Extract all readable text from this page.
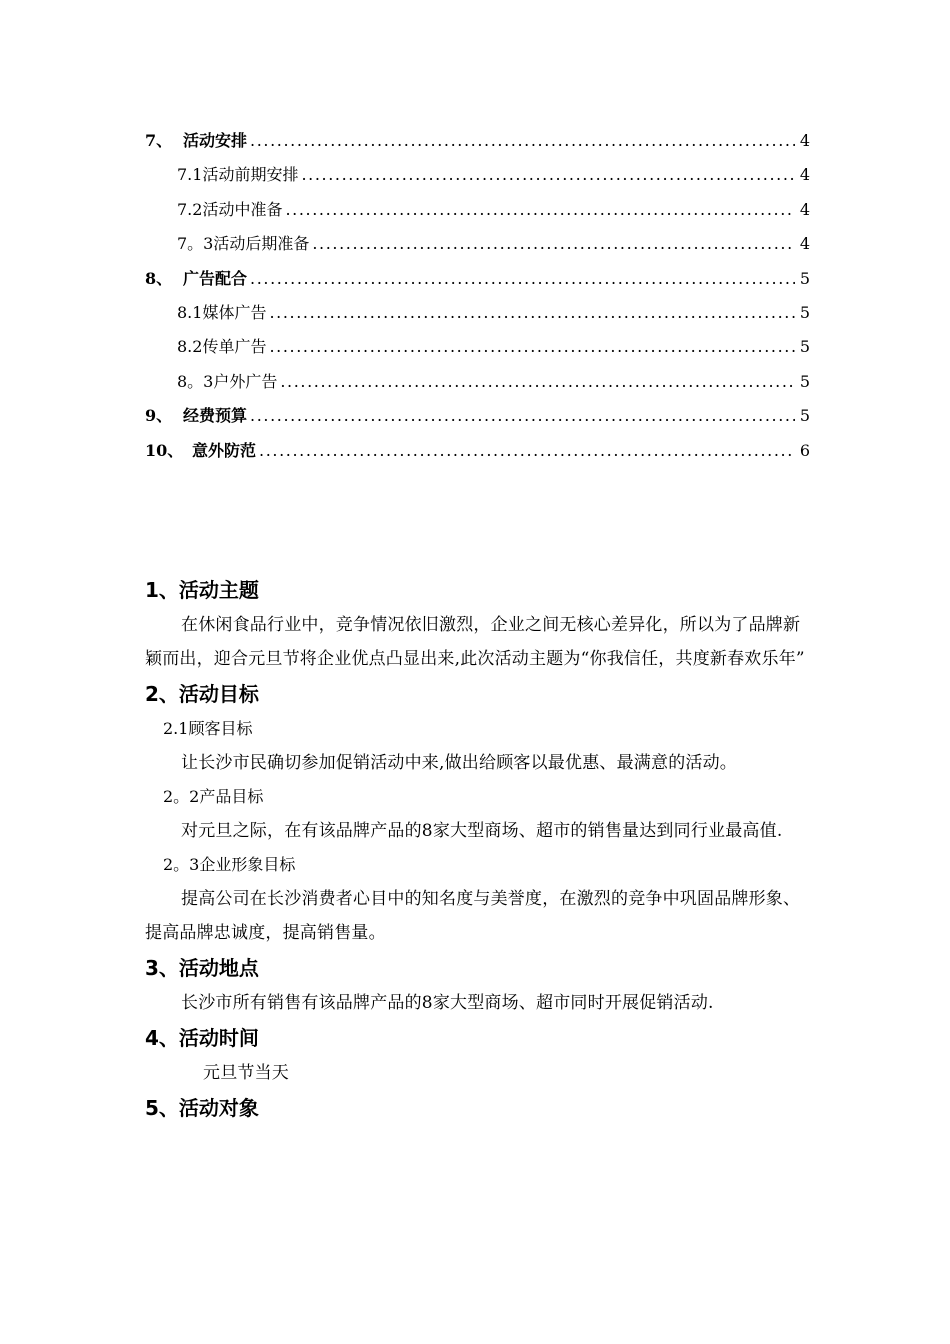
7、 活动安排 .....	4
7.1活动前期安排 .....	4
7.2活动中准备 .....	4
7。3活动后期准备 .....	4
8、 广告配合 .....	5
8.1媒体广告 .....	5
8.2传单广告 .....	5
8。3户外广告 .....	5
9、 经费预算 .....	5
10、 意外防范 .....	6
1、活动主题

在休闲食品行业中，竞争情况依旧激烈，企业之间无核心差异化，所以为了品牌新颖而出，迎合元旦节将企业优点凸显出来,此次活动主题为“你我信任，共度新春欢乐年”

2、活动目标

2.1顾客目标

让长沙市民确切参加促销活动中来,做出给顾客以最优惠、最满意的活动。

2。2产品目标

对元旦之际，在有该品牌产品的8家大型商场、超市的销售量达到同行业最高值.

2。3企业形象目标

提高公司在长沙消费者心目中的知名度与美誉度，在激烈的竞争中巩固品牌形象、提高品牌忠诚度，提高销售量。

3、活动地点

长沙市所有销售有该品牌产品的8家大型商场、超市同时开展促销活动.

4、活动时间

元旦节当天

5、活动对象
